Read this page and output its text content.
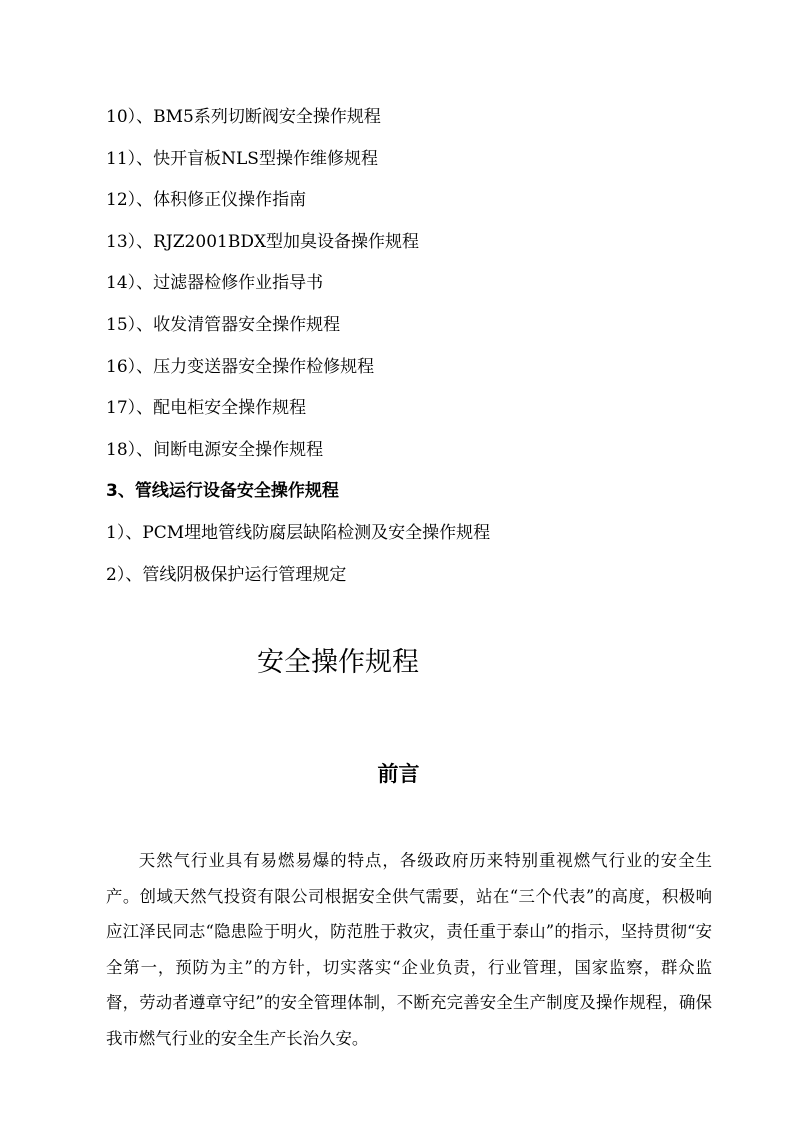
10）、BM5系列切断阀安全操作规程
11）、快开盲板NLS型操作维修规程
12）、体积修正仪操作指南
13）、RJZ2001BDX型加臭设备操作规程
14）、过滤器检修作业指导书
15）、收发清管器安全操作规程
16）、压力变送器安全操作检修规程
17）、配电柜安全操作规程
18）、间断电源安全操作规程
3、管线运行设备安全操作规程
1）、PCM埋地管线防腐层缺陷检测及安全操作规程
2）、管线阴极保护运行管理规定
安全操作规程
前言
天然气行业具有易燃易爆的特点，各级政府历来特别重视燃气行业的安全生产。创域天然气投资有限公司根据安全供气需要，站在“三个代表”的高度，积极响应江泽民同志“隐患险于明火，防范胜于救灾，责任重于泰山”的指示，坚持贯彻“安全第一，预防为主”的方针，切实落实“企业负责，行业管理，国家监察，群众监督，劳动者遵章守纪”的安全管理体制，不断充完善安全生产制度及操作规程，确保我市燃气行业的安全生产长治久安。
